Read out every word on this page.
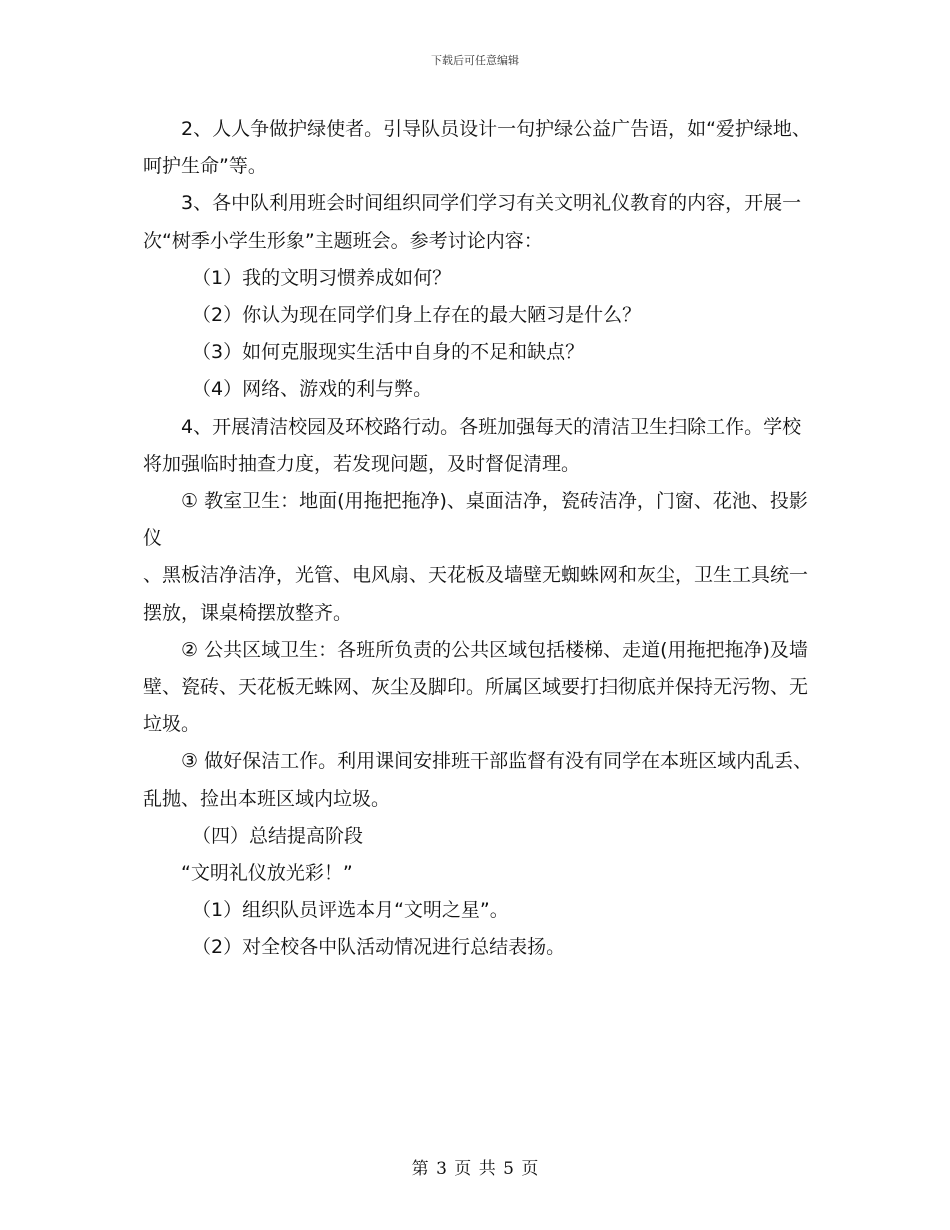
下载后可任意编辑

2、人人争做护绿使者。引导队员设计一句护绿公益广告语，如“爱护绿地、呵护生命”等。

3、各中队利用班会时间组织同学们学习有关文明礼仪教育的内容，开展一次“树季小学生形象”主题班会。参考讨论内容：

（1）我的文明习惯养成如何？

（2）你认为现在同学们身上存在的最大陋习是什么？

（3）如何克服现实生活中自身的不足和缺点？

（4）网络、游戏的利与弊。

4、开展清洁校园及环校路行动。各班加强每天的清洁卫生扫除工作。学校将加强临时抽查力度，若发现问题，及时督促清理。

① 教室卫生：地面(用拖把拖净)、桌面洁净，瓷砖洁净，门窗、花池、投影仪

、黑板洁净洁净，光管、电风扇、天花板及墙壁无蜘蛛网和灰尘，卫生工具统一摆放，课桌椅摆放整齐。

② 公共区域卫生：各班所负责的公共区域包括楼梯、走道(用拖把拖净)及墙壁、瓷砖、天花板无蛛网、灰尘及脚印。所属区域要打扫彻底并保持无污物、无垃圾。

③ 做好保洁工作。利用课间安排班干部监督有没有同学在本班区域内乱丢、乱抛、捡出本班区域内垃圾。

（四）总结提高阶段

“文明礼仪放光彩！”

（1）组织队员评选本月“文明之星”。

（2）对全校各中队活动情况进行总结表扬。

第 3 页 共 5 页
